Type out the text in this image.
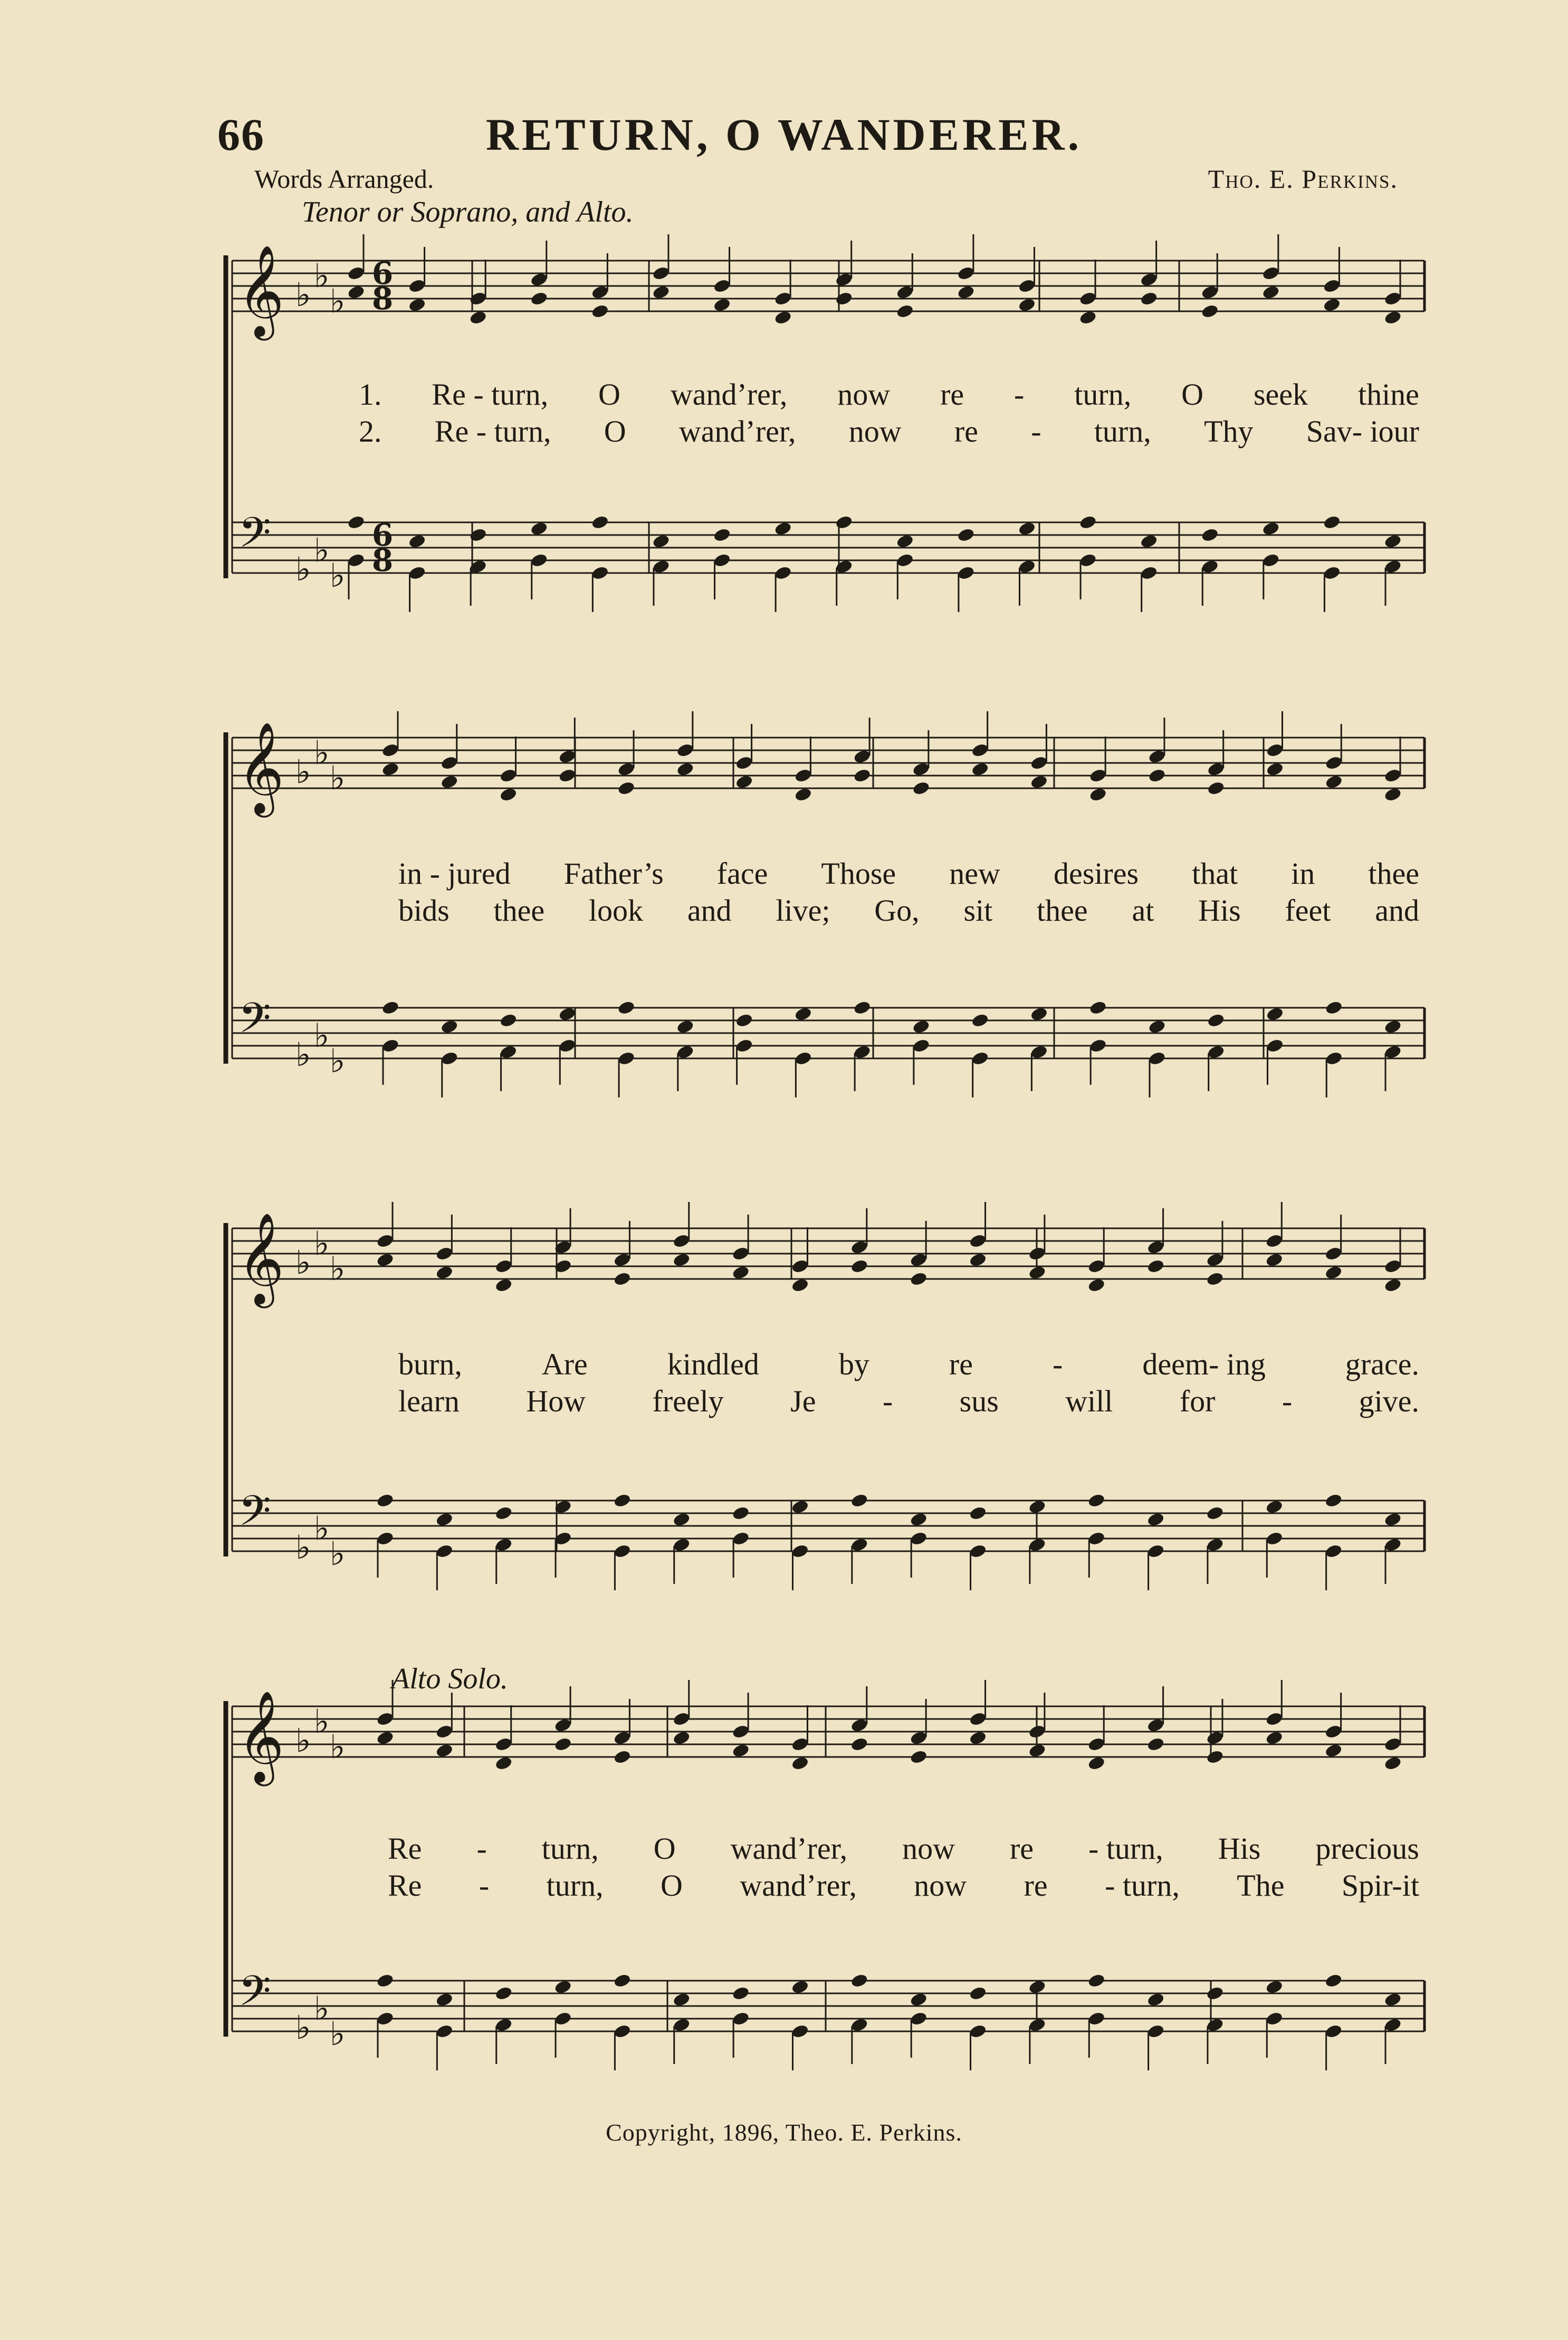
66	RETURN, O WANDERER.
Words Arranged.	Tho. E. Perkins.
Tenor or Soprano, and Alto.
Alto Solo.
𝄞
𝄢
♭ ♭
♭
♭ ♭
♭
6
8
6
8
𝄞
𝄢
♭ ♭
♭
♭ ♭
♭
𝄞
𝄢
♭ ♭
♭
♭ ♭
♭
𝄞
𝄢
♭ ♭
♭
♭ ♭
♭
1. Re - turn, O wand’rer, now re - turn, O seek thine
2. Re - turn, O wand’rer, now re - turn, Thy Sav- iour
in - jured Father’s face Those new desires that in thee
bids thee look and live; Go, sit thee at His feet and
burn,	Are	kindled	by	re	-	deem- ing	grace.
learn How freely Je - sus will for - give.
Re - turn, O wand’rer, now re - turn, His precious
Re - turn, O wand’rer, now re - turn, The Spir-it
Copyright, 1896, Theo. E. Perkins.
